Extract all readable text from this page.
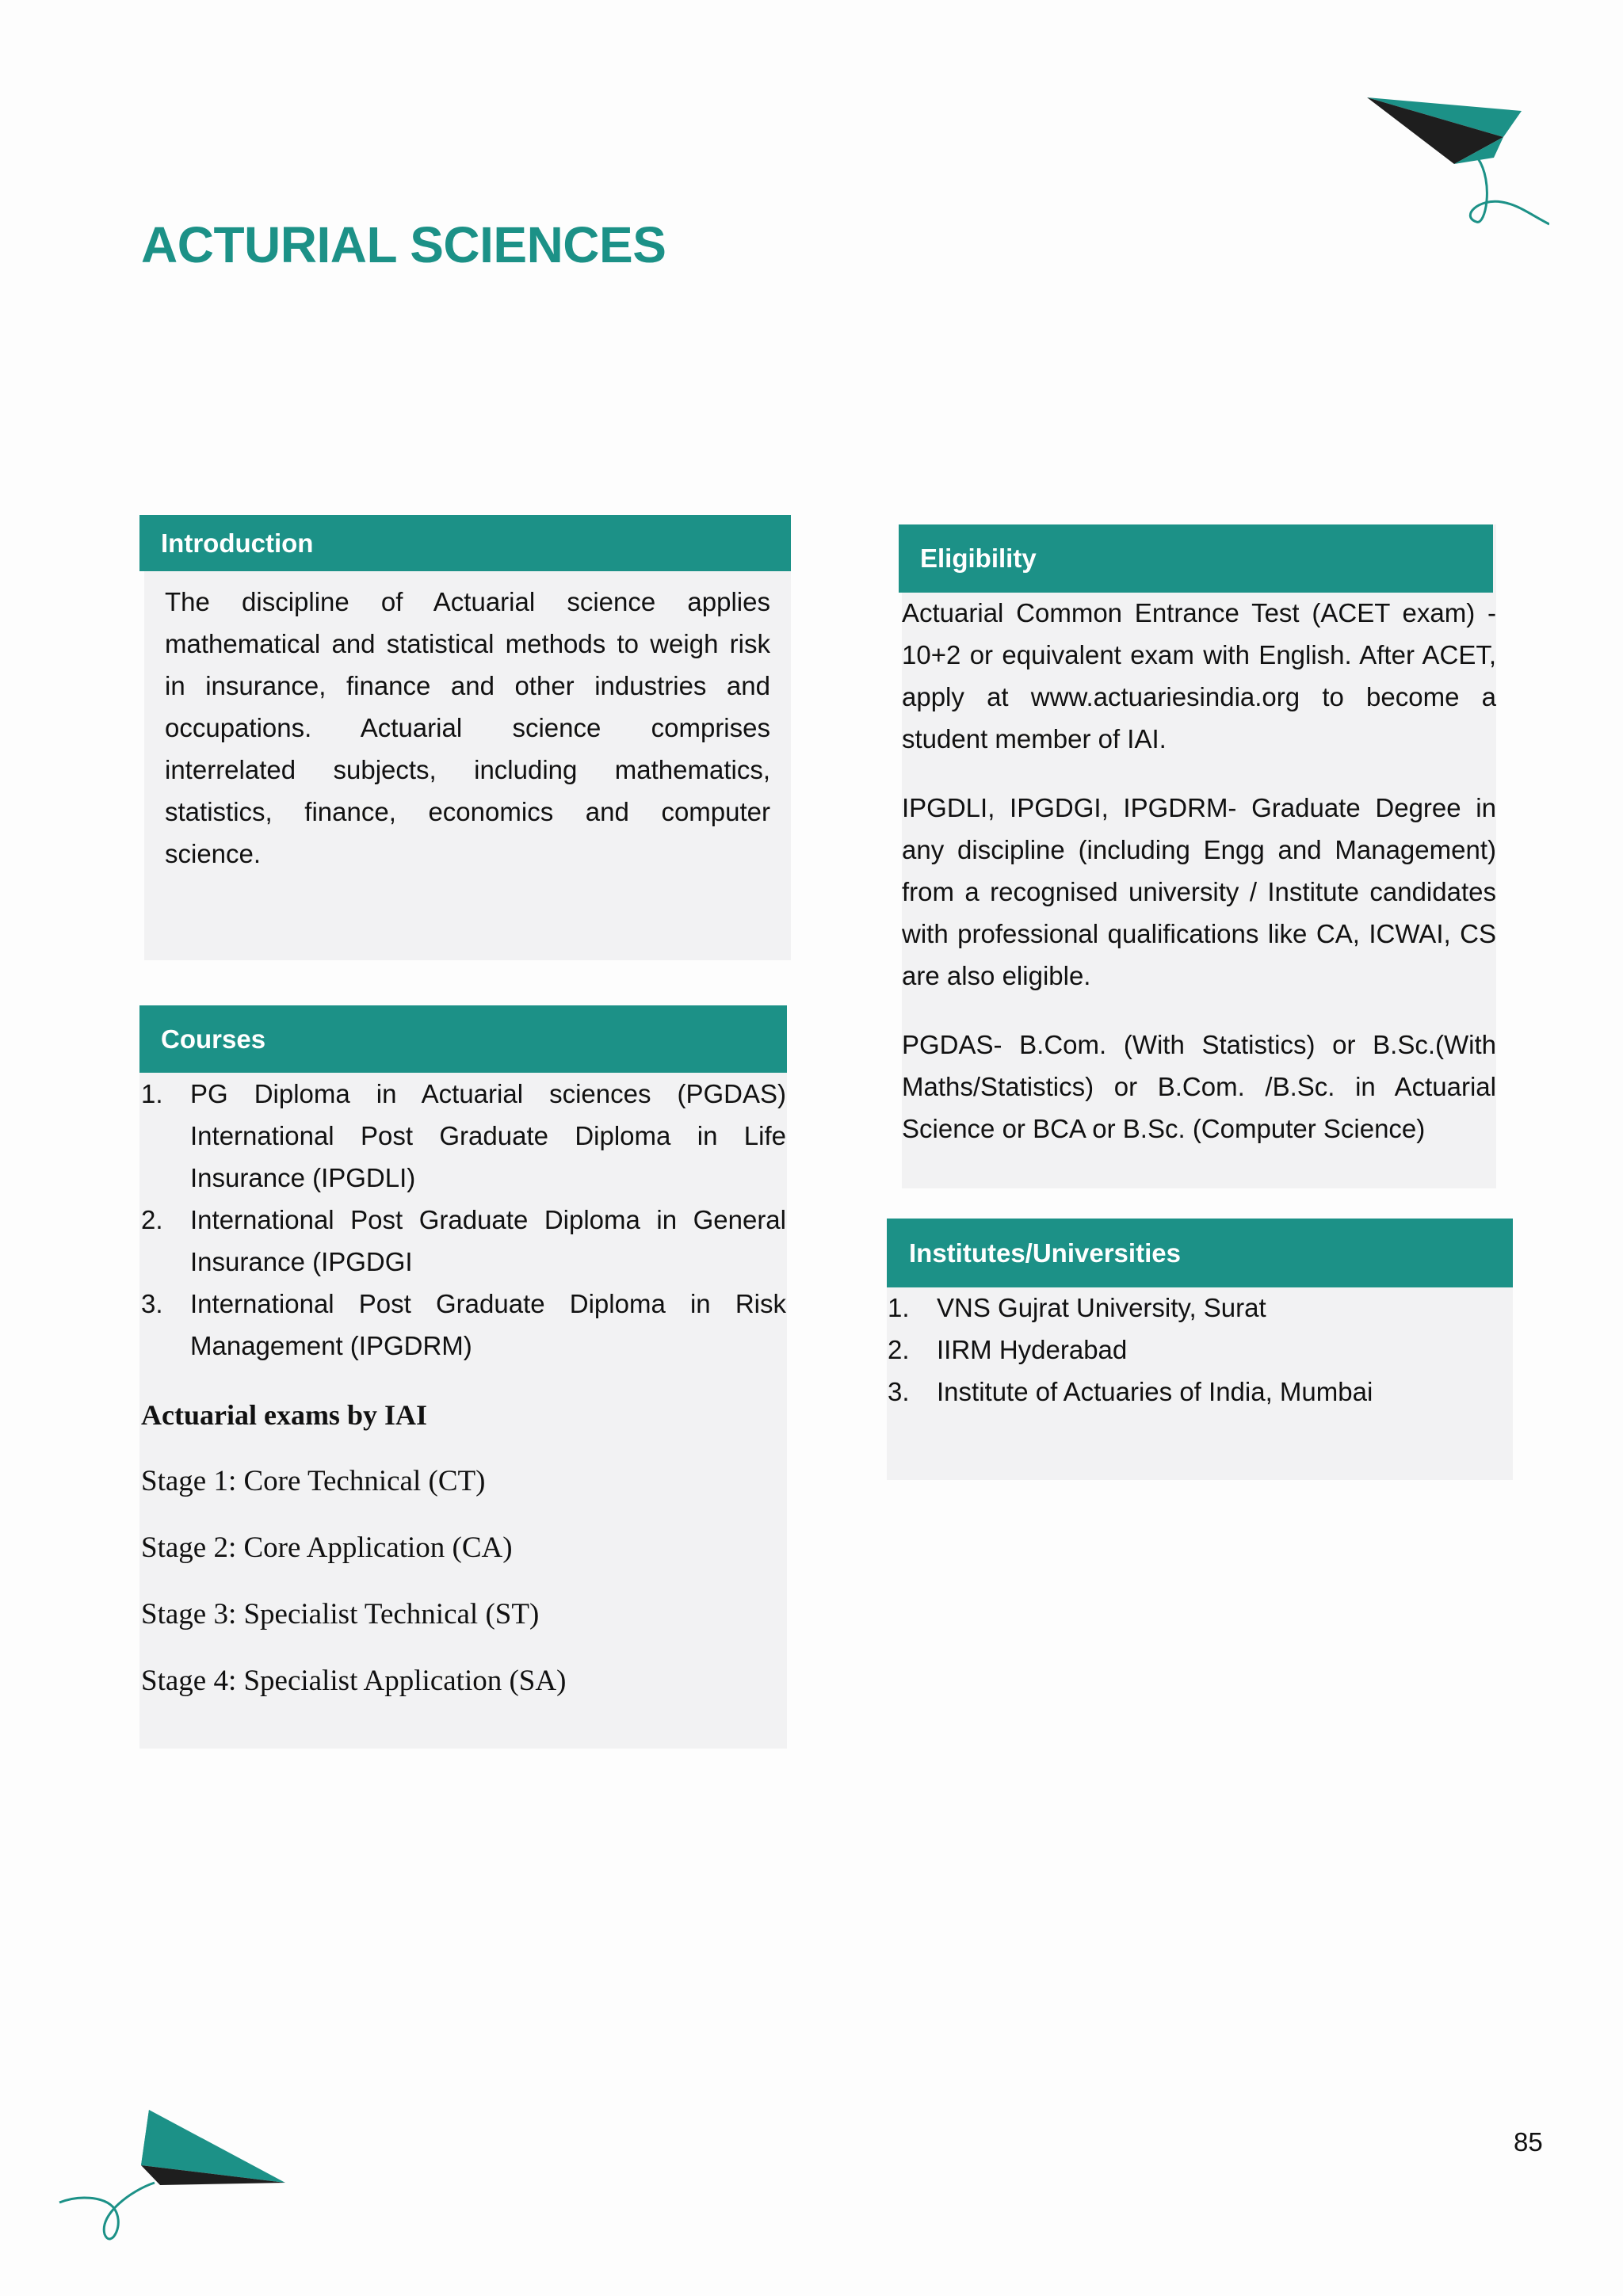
ACTURIAL SCIENCES
Introduction

The discipline of Actuarial science applies mathematical and statistical methods to weigh risk in insurance, finance and other industries and occupations. Actuarial science comprises interrelated subjects, including mathematics, statistics, finance, economics and computer science.

Courses
1. PG Diploma in Actuarial sciences (PGDAS) International Post Graduate Diploma in Life Insurance (IPGDLI)
2. International Post Graduate Diploma in General Insurance (IPGDGI
3. International Post Graduate Diploma in Risk Management (IPGDRM)

Actuarial exams by IAI

Stage 1: Core Technical (CT)

Stage 2: Core Application (CA)

Stage 3: Specialist Technical (ST)

Stage 4: Specialist Application (SA)

Eligibility

Actuarial Common Entrance Test (ACET exam) - 10+2 or equivalent exam with English. After ACET, apply at www.actuariesindia.org to become a student member of IAI.

IPGDLI, IPGDGI, IPGDRM- Graduate Degree in any discipline (including Engg and Management) from a recognised university / Institute candidates with professional qualifications like CA, ICWAI, CS are also eligible.

PGDAS- B.Com. (With Statistics) or B.Sc.(With Maths/Statistics) or B.Com. /B.Sc. in Actuarial Science or BCA or B.Sc. (Computer Science)

Institutes/Universities
1. VNS Gujrat University, Surat
2. IIRM Hyderabad
3. Institute of Actuaries of India, Mumbai
85
